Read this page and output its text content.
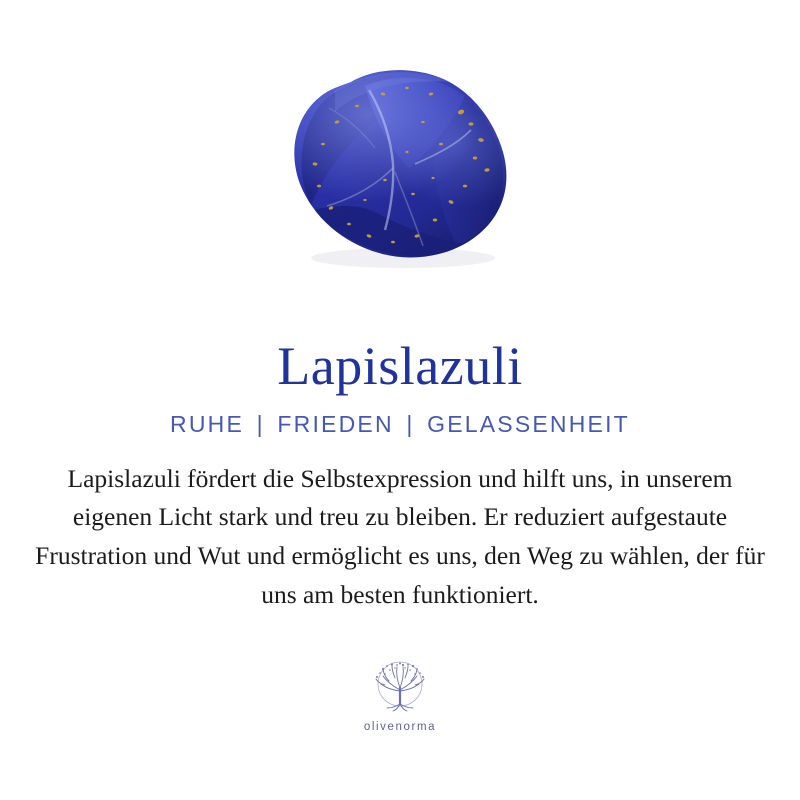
Lapislazuli
RUHE | FRIEDEN | GELASSENHEIT

Lapislazuli fördert die Selbstexpression und hilft uns, in unserem eigenen Licht stark und treu zu bleiben. Er reduziert aufgestaute Frustration und Wut und ermöglicht es uns, den Weg zu wählen, der für uns am besten funktioniert.

olivenorma
